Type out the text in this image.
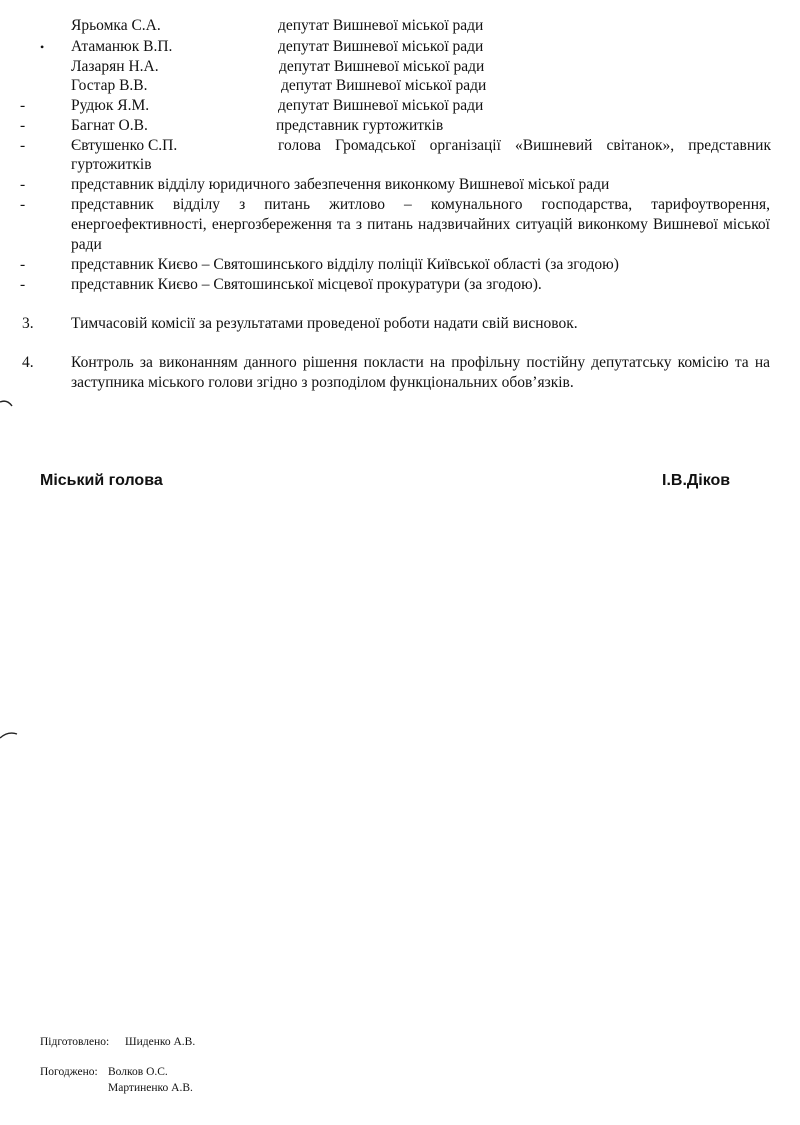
Ярьомка С.А.	депутат Вишневої міської ради
• Атаманюк В.П.	депутат Вишневої міської ради
Лазарян Н.А.	депутат Вишневої міської ради
Гостар В.В.	депутат Вишневої міської ради
-	Рудюк Я.М.	депутат Вишневої міської ради
-	Багнат О.В.	представник гуртожитків
-	Євтушенко С.П.	голова Громадської організації «Вишневий світанок», представник
гуртожитків
-	представник відділу юридичного забезпечення виконкому Вишневої міської ради
-	представник відділу з питань житлово – комунального господарства, тарифоутворення, енергоефективності, енергозбереження та з питань надзвичайних ситуацій виконкому Вишневої міської ради
-	представник Києво – Святошинського відділу поліції Київської області (за згодою)
-	представник Києво – Святошинської місцевої прокуратури (за згодою).
3. Тимчасовій комісії за результатами проведеної роботи надати свій висновок.
4. Контроль за виконанням данного рішення покласти на профільну постійну депутатську комісію та на заступника міського голови згідно з розподілом функціональних обов’язків.
Міський голова	І.В.Діков
Підготовлено: Шиденко А.В.
Погоджено: Волков О.С.
Мартиненко А.В.
